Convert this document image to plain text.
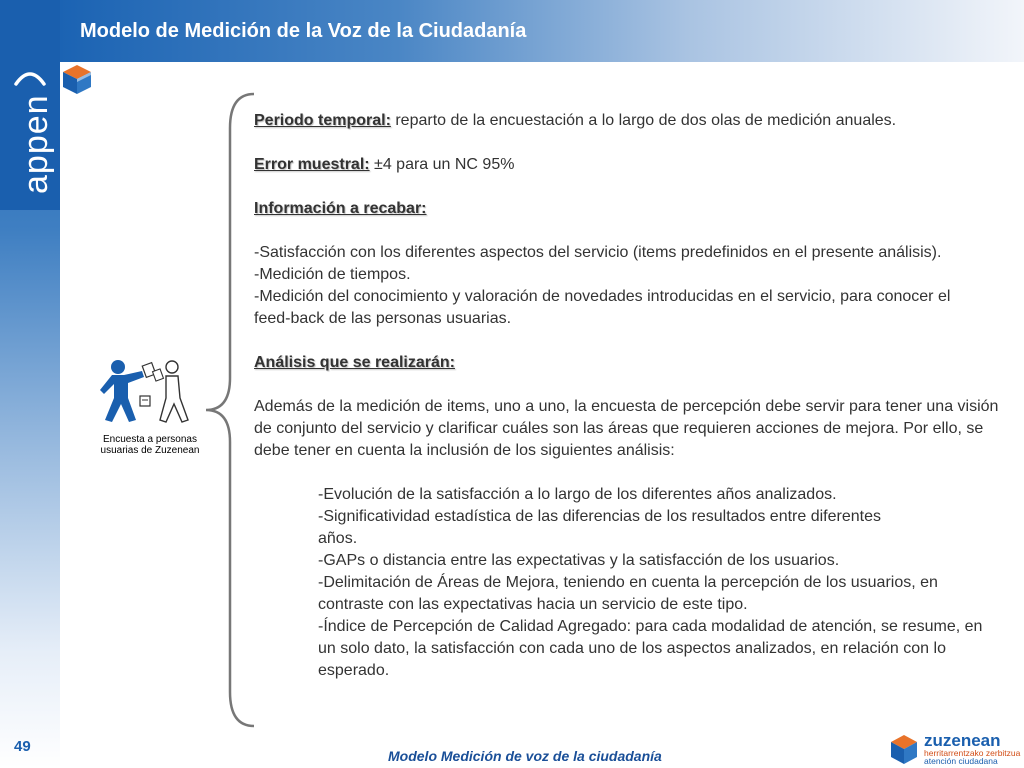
appen
Modelo de Medición de la Voz de la Ciudadanía
Encuesta a personas
usuarias de Zuzenean

Periodo temporal: reparto de la encuestación a lo largo de dos olas de medición anuales.

Error muestral: ±4 para un NC 95%

Información a recabar:

-Satisfacción con los diferentes aspectos del servicio (items predefinidos en el presente análisis).

-Medición de tiempos.

-Medición del conocimiento y valoración de novedades introducidas en el servicio, para conocer el feed-back de las personas usuarias.

Análisis que se realizarán:

Además de la medición de items, uno a uno, la encuesta de percepción debe servir para tener una visión de conjunto del servicio y clarificar cuáles son las áreas que requieren acciones de mejora. Por ello, se debe tener en cuenta la inclusión de los siguientes análisis:

-Evolución de la satisfacción a lo largo de los diferentes años analizados.

-Significatividad estadística de las diferencias de los resultados entre diferentes años.

-GAPs o distancia entre las expectativas y la satisfacción de los usuarios.

-Delimitación de Áreas de Mejora, teniendo en cuenta la percepción de los usuarios, en contraste con las expectativas hacia un servicio de este tipo.

-Índice de Percepción de Calidad Agregado: para cada modalidad de atención, se resume, en un solo dato, la satisfacción con cada uno de los aspectos analizados, en relación con lo esperado.

49
Modelo Medición de voz de la ciudadanía
zuzenean
herritarrentzako zerbitzua
atención ciudadana
